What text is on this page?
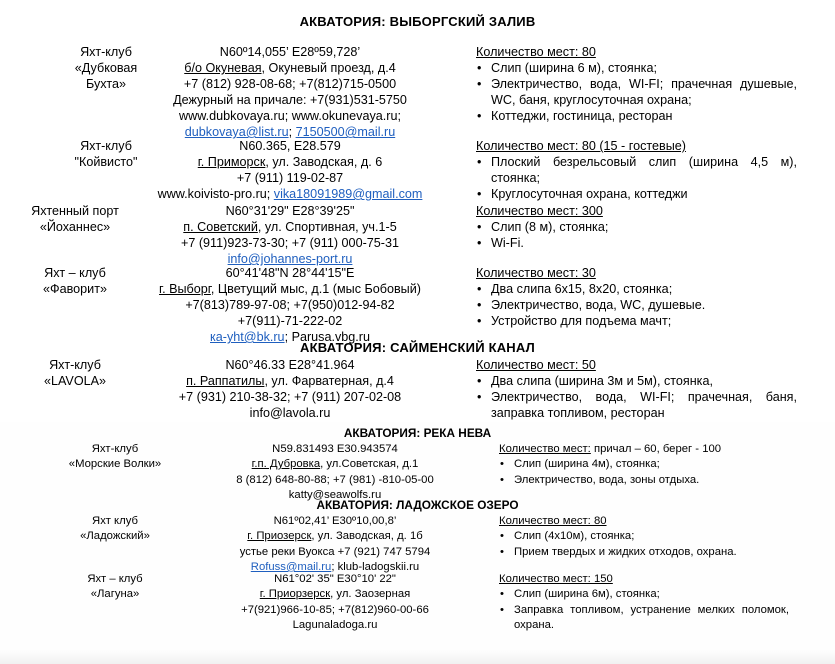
АКВАТОРИЯ: ВЫБОРГСКИЙ ЗАЛИВ
Яхт-клуб
«Дубковая
Бухта»
N60º14,055’ E28º59,728’
б/о Окуневая, Окуневый проезд, д.4
+7 (812) 928-08-68; +7(812)715-0500
Дежурный на причале: +7(931)531-5750
www.dubkovaya.ru; www.okunevaya.ru;
dubkovaya@list.ru; 7150500@mail.ru
Количество мест: 80
• Слип (ширина 6 м), стоянка;
• Электричество, вода, WI-FI; прачечная душевые, WC, баня, круглосуточная охрана;
• Коттеджи, гостиница, ресторан
Яхт-клуб
"Койвисто"
N60.365, E28.579
г. Приморск, ул. Заводская, д. 6
+7 (911) 119-02-87
www.koivisto-pro.ru; vika18091989@gmail.com
Количество мест: 80 (15 - гостевые)
• Плоский безрельсовый слип (ширина 4,5 м), стоянка;
• Круглосуточная охрана, коттеджи
Яхтенный порт
«Йоханнес»
N60°31'29" E28°39'25"
п. Советский, ул. Спортивная, уч.1-5
+7 (911)923-73-30; +7 (911) 000-75-31
info@johannes-port.ru
Количество мест: 300
• Слип (8 м), стоянка;
• Wi-Fi.
Яхт – клуб
«Фаворит»
60°41'48"N 28°44'15"E
г. Выборг, Цветущий мыс, д.1 (мыс Бобовый)
+7(813)789-97-08; +7(950)012-94-82
+7(911)-71-222-02
ка-yht@bk.ru; Parusa.vbg.ru
Количество мест: 30
• Два слипа 6х15, 8х20, стоянка;
• Электричество, вода, WC, душевые.
• Устройство для подъема мачт;
АКВАТОРИЯ: САЙМЕНСКИЙ КАНАЛ
Яхт-клуб
«LAVOLA»
N60°46.33 E28°41.964
п. Раппатилы, ул. Фарватерная, д.4
+7 (931) 210-38-32; +7 (911) 207-02-08
info@lavola.ru
Количество мест: 50
• Два слипа (ширина 3м и 5м), стоянка,
• Электричество, вода, WI-FI; прачечная, баня, заправка топливом, ресторан
АКВАТОРИЯ: РЕКА НЕВА
Яхт-клуб
«Морские Волки»
N59.831493 E30.943574
г.п. Дубровка, ул.Советская, д.1
8 (812) 648-80-88; +7 (981) -810-05-00
katty@seawolfs.ru
Количество мест: причал – 60, берег - 100
• Слип (ширина 4м), стоянка;
• Электричество, вода, зоны отдыха.
АКВАТОРИЯ: ЛАДОЖСКОЕ ОЗЕРО
Яхт клуб
«Ладожский»
N61º02,41’ E30º10,00,8’
г. Приозерск, ул. Заводская, д. 1б
устье реки Вуокса +7 (921) 747 5794
Rofuss@mail.ru; klub-ladogskii.ru
Количество мест: 80
• Слип (4х10м), стоянка;
• Прием твердых и жидких отходов, охрана.
Яхт – клуб
«Лагуна»
N61°02' 35" E30°10' 22"
г. Приорзерск, ул. Заозерная
+7(921)966-10-85; +7(812)960-00-66
Lagunaladoga.ru
Количество мест: 150
• Слип (ширина 6м), стоянка;
• Заправка топливом, устранение мелких поломок, охрана.
